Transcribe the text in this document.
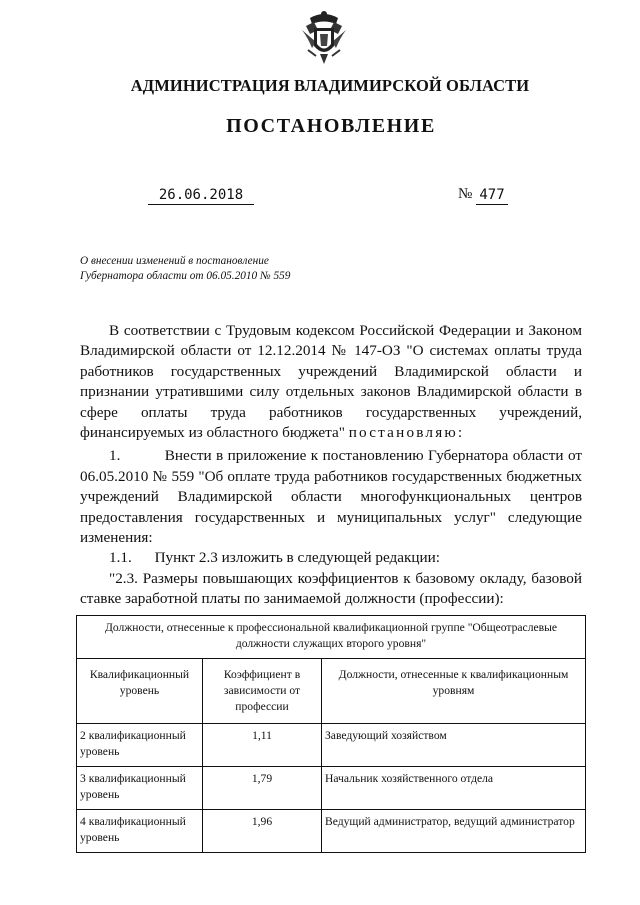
АДМИНИСТРАЦИЯ ВЛАДИМИРСКОЙ ОБЛАСТИ
ПОСТАНОВЛЕНИЕ
26.06.2018	№ 477
О внесении изменений в постановление
Губернатора области от 06.05.2010 № 559

В соответствии с Трудовым кодексом Российской Федерации и Законом Владимирской области от 12.12.2014 № 147-ОЗ "О системах оплаты труда работников государственных учреждений Владимирской области и признании утратившими силу отдельных законов Владимирской области в сфере оплаты труда работников государственных учреждений, финансируемых из областного бюджета" постановляю:

1.          Внести в приложение к постановлению Губернатора области от 06.05.2010 № 559 "Об оплате труда работников государственных бюджетных учреждений Владимирской области многофункциональных центров предоставления государственных и муниципальных услуг" следующие изменения:

1.1.      Пункт 2.3 изложить в следующей редакции:

"2.3. Размеры повышающих коэффициентов к базовому окладу, базовой ставке заработной платы по занимаемой должности (профессии):

Должности, отнесенные к профессиональной квалификационной группе "Общеотраслевые должности служащих второго уровня"		
Квалификационный уровень	Коэффициент в зависимости от профессии	Должности, отнесенные к квалификационным уровням
2 квалификационный уровень	1,11	Заведующий хозяйством
3 квалификационный уровень	1,79	Начальник хозяйственного отдела
4 квалификационный уровень	1,96	Ведущий администратор, ведущий администратор
